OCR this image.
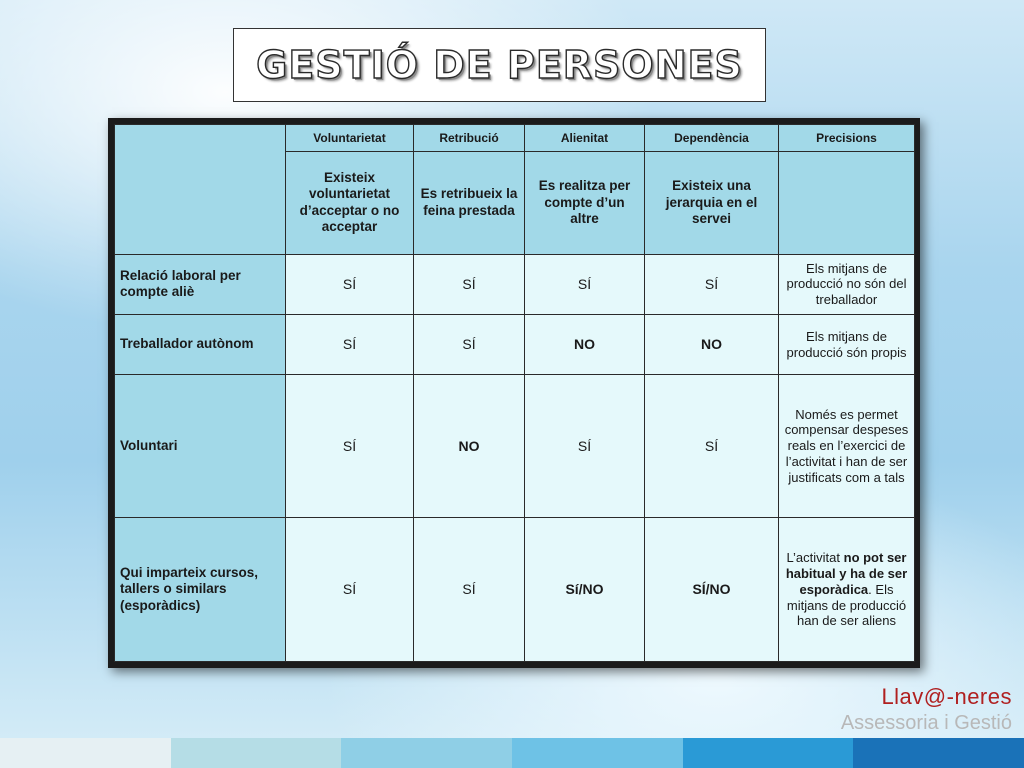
GESTIÓ DE PERSONES
	Voluntarietat	Retribució	Alienitat	Dependència	Precisions
	Existeix voluntarietat d’acceptar o no acceptar	Es retribueix la feina prestada	Es realitza per compte d’un altre	Existeix una jerarquia en el servei	
Relació laboral per compte aliè	SÍ	SÍ	SÍ	SÍ	Els mitjans de producció no són del treballador
Treballador autònom	SÍ	SÍ	NO	NO	Els mitjans de producció són propis
Voluntari	SÍ	NO	SÍ	SÍ	Només es permet compensar despeses reals en l’exercici de l’activitat i han de ser justificats com a tals
Qui imparteix cursos, tallers o similars (esporàdics)	SÍ	SÍ	Sí/NO	SÍ/NO	L’activitat no pot ser habitual y ha de ser esporàdica. Els mitjans de producció han de ser aliens
Llav@-neres
Assessoria i Gestió
